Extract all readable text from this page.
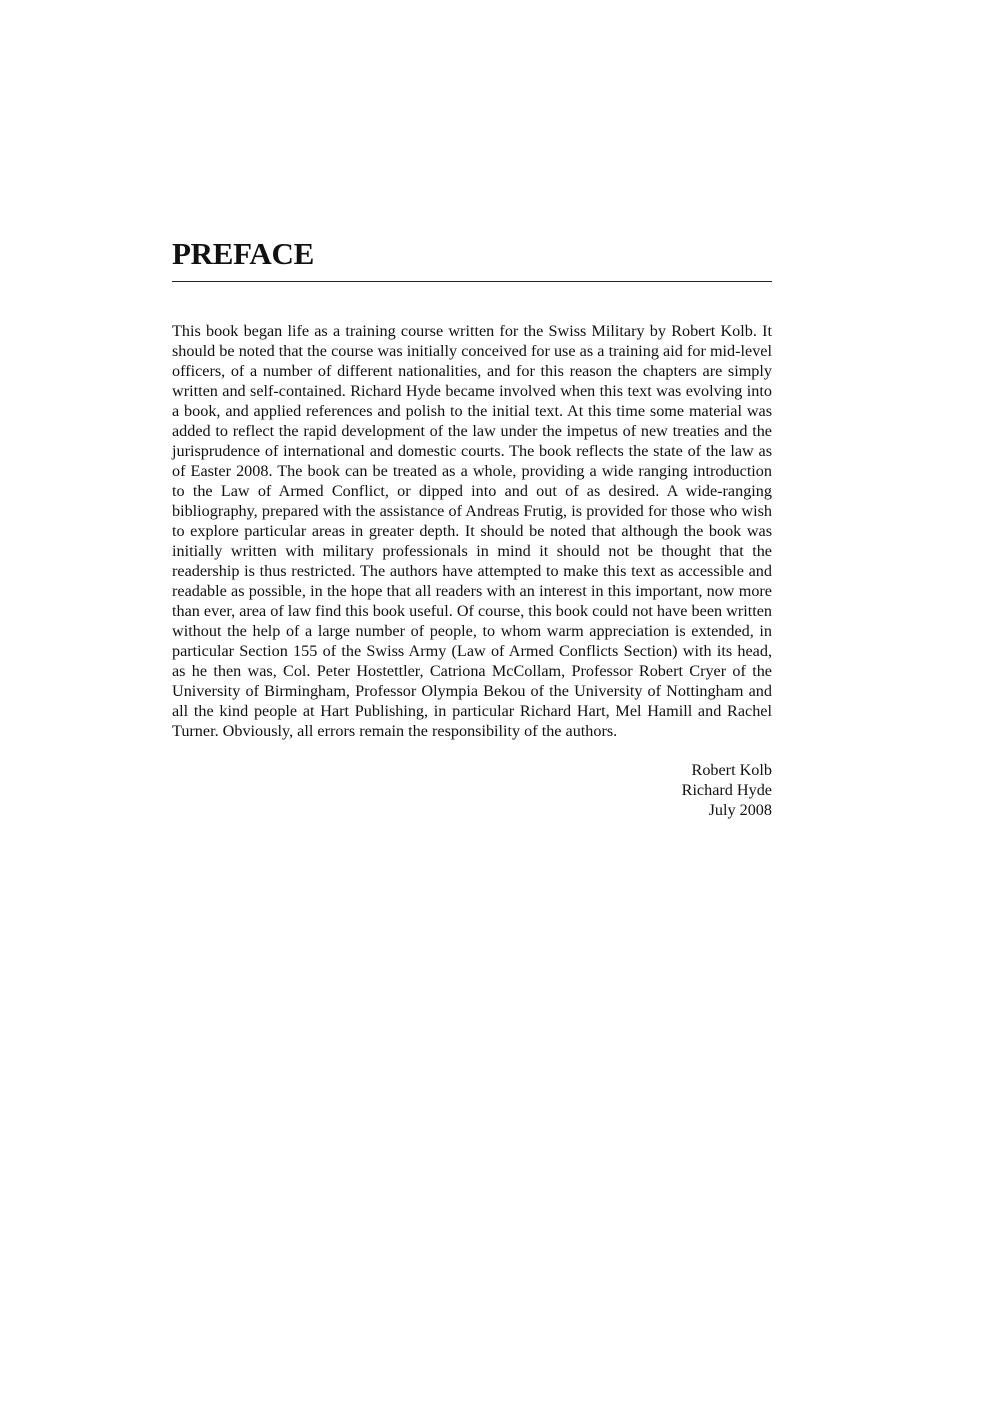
PREFACE

This book began life as a training course written for the Swiss Military by Robert Kolb. It should be noted that the course was initially conceived for use as a training aid for mid-level officers, of a number of different nationalities, and for this reason the chapters are simply written and self-contained. Richard Hyde became involved when this text was evolving into a book, and applied references and polish to the initial text. At this time some material was added to reflect the rapid development of the law under the impetus of new treaties and the jurisprudence of international and domestic courts. The book reflects the state of the law as of Easter 2008. The book can be treated as a whole, providing a wide ranging introduction to the Law of Armed Conflict, or dipped into and out of as desired. A wide-ranging bibliography, prepared with the assistance of Andreas Frutig, is provided for those who wish to explore particular areas in greater depth. It should be noted that although the book was initially written with military professionals in mind it should not be thought that the readership is thus restricted. The authors have attempted to make this text as accessible and readable as possible, in the hope that all readers with an interest in this important, now more than ever, area of law find this book useful. Of course, this book could not have been written without the help of a large number of people, to whom warm appreciation is extended, in particular Section 155 of the Swiss Army (Law of Armed Conflicts Section) with its head, as he then was, Col. Peter Hostettler, Catriona McCollam, Professor Robert Cryer of the University of Birmingham, Professor Olympia Bekou of the University of Nottingham and all the kind people at Hart Publishing, in particular Richard Hart, Mel Hamill and Rachel Turner. Obviously, all errors remain the responsibility of the authors.

Robert Kolb
Richard Hyde
July 2008
